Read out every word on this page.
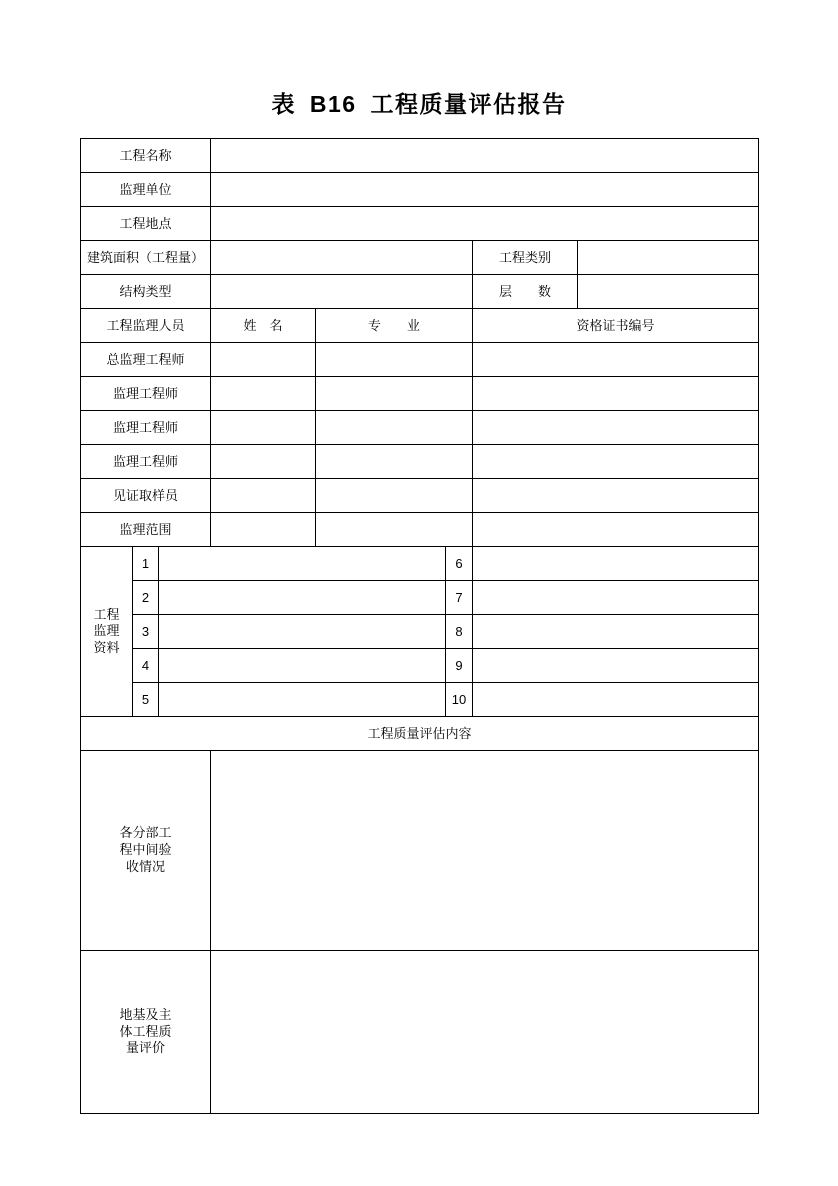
表 B16 工程质量评估报告
工程名称							
监理单位							
工程地点							
建筑面积（工程量）						工程类别	
结构类型						层　　数	
工程监理人员			姓　名	专　　业		资格证书编号	
总监理工程师							
监理工程师							
监理工程师							
监理工程师							
见证取样员							
监理范围							
工程监理资料	1				6		
	2				7		
	3				8		
	4				9		
	5				10		
工程质量评估内容							
各分部工程中间验收情况							
地基及主体工程质量评价							
